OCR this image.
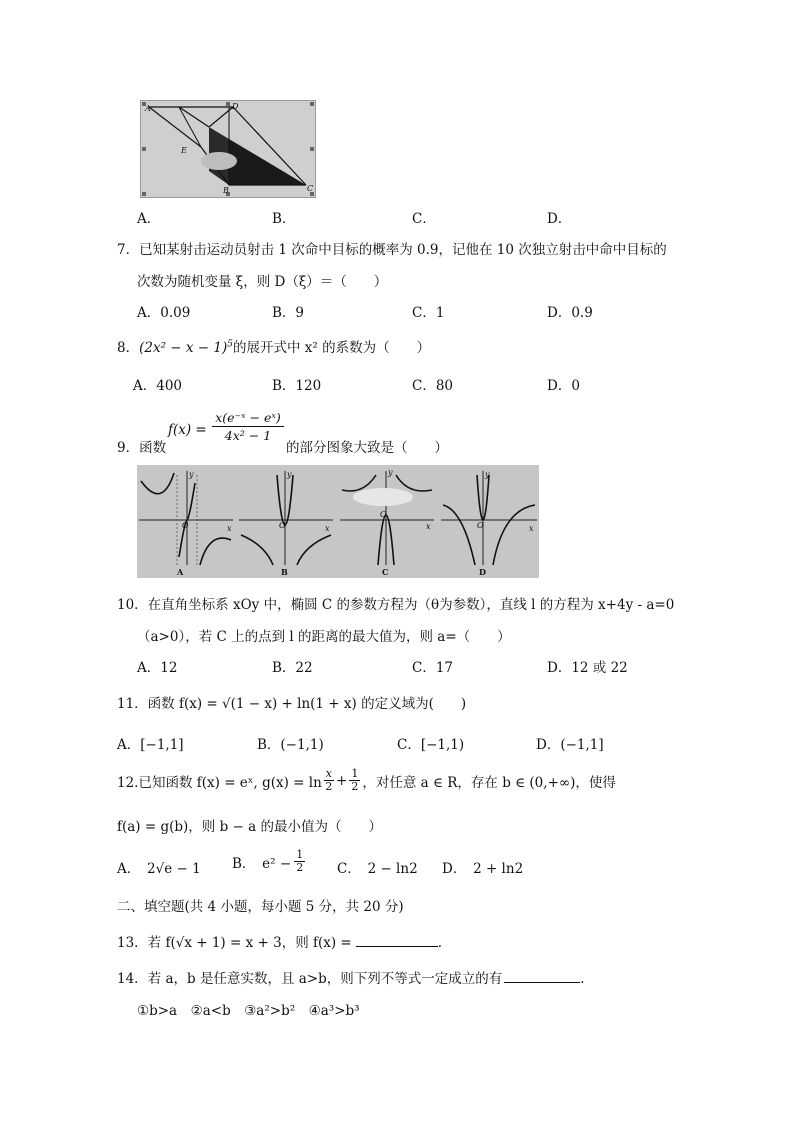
A	D
E
B	C
A．	B．	C．	D．
7．已知某射击运动员射击 1 次命中目标的概率为 0.9，记他在 10 次独立射击中命中目标的
次数为随机变量 ξ，则 D（ξ）＝（　　）
A．0.09	B．9	C．1	D．0.9
8．$(2x^2 - x - 1)^5$的展开式中 x² 的系数为（　　）
A．400	B．120	C．80	D．0
9．函数
$f(x) = \frac{\text{x(e⁻ˣ − eˣ)}}{\text{4x² − 1}}$
的部分图象大致是（　　）
O	x
y
A
O	x
y
B
O
x
y
C
O	x
y
D
10．在直角坐标系 xOy 中，椭圆 C 的参数方程为（θ为参数），直线 l 的方程为 x+4y - a=0
（a>0），若 C 上的点到 l 的距离的最大值为，则 a=（　　）
A．12	B．22	C．17	D．12 或 22
11．函数 f(x) = √(1 − x) + ln(1 + x) 的定义域为(　　)
A．[−1,1]	B．(−1,1)	C．[−1,1)	D．(−1,1]
12.已知函数 f(x) = eˣ, $g(x) = \ln \frac{x}{2} + \frac{1}{2}$ ，对任意 a ∈ R，存在 b ∈ (0,+∞)，使得
f(a) = g(b)，则 b − a 的最小值为（　　）
A．　2√e − 1 B．　$e^2 - \frac{1}{2}$ C．　2 − ln2 D．　2 + ln2
二、填空题(共 4 小题，每小题 5 分，共 20 分)
13．若 f(√x + 1) = x + 3，则 f(x) =	.
14．若 a，b 是任意实数，且 a>b，则下列不等式一定成立的有	.
①b>a　②a<b　③a²>b²　④a³>b³
